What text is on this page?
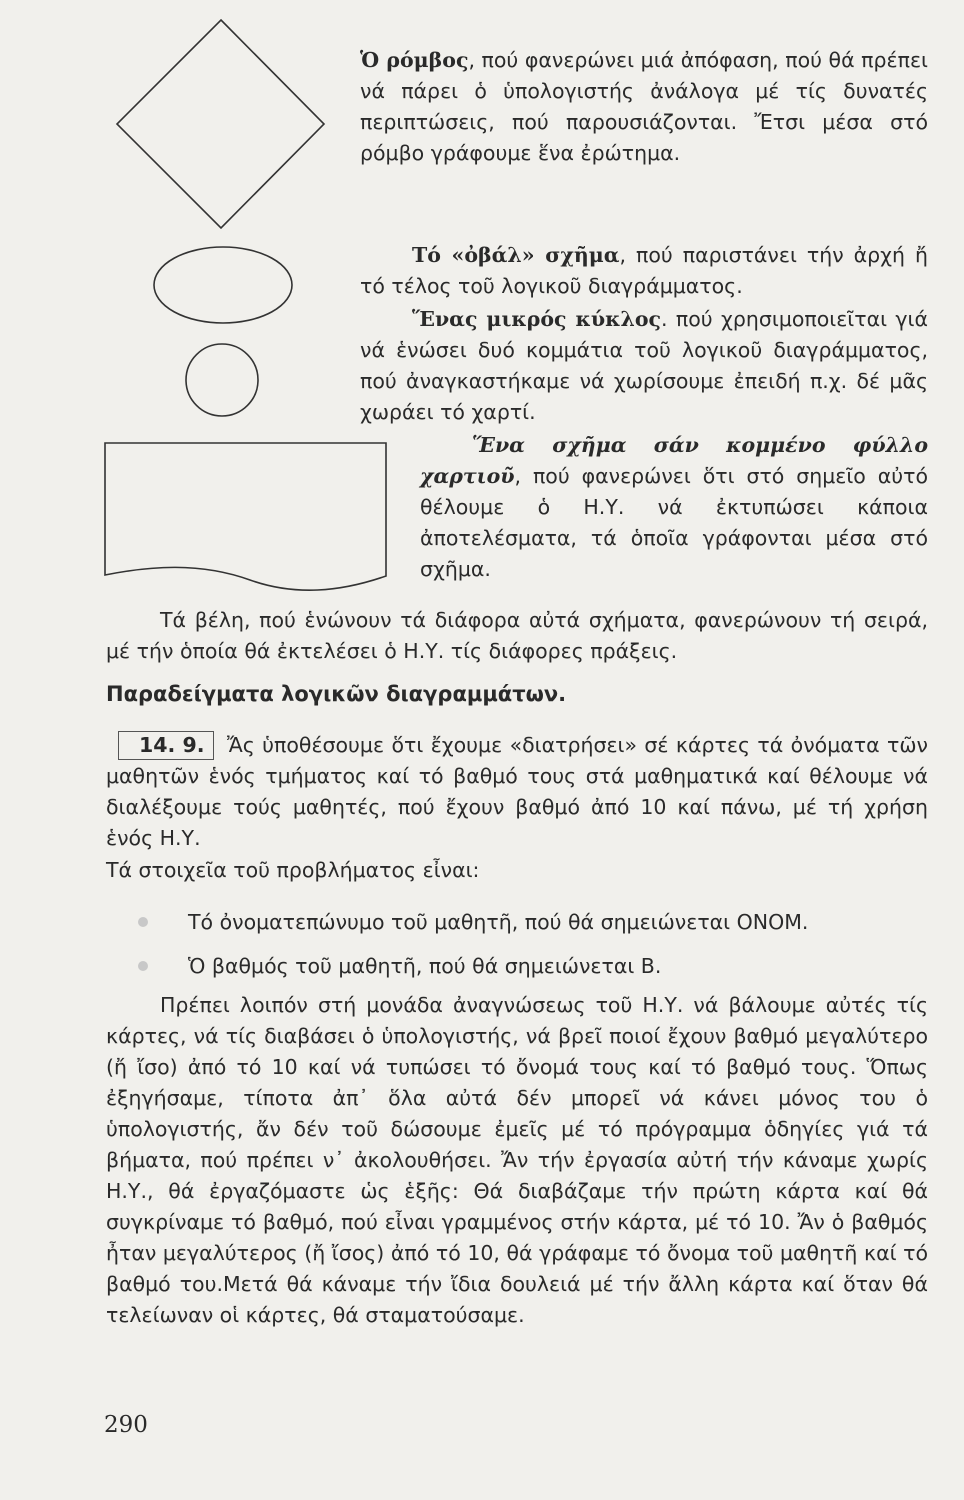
Ὁ ρόμβος, πού φανερώνει μιά ἀπόφαση, πού θά πρέπει νά πάρει ὁ ὑπολογιστής ἀνάλογα μέ τίς δυνατές περιπτώσεις, πού παρουσιάζονται. Ἔτσι μέσα στό ρόμβο γράφουμε ἕνα ἐρώτημα.

Τό «ὀβάλ» σχῆμα, πού παριστάνει τήν ἀρχή ἤ τό τέλος τοῦ λογικοῦ διαγράμματος.

Ἕνας μικρός κύκλος. πού χρησιμοποιεῖται γιά νά ἑνώσει δυό κομμάτια τοῦ λογικοῦ διαγράμματος, πού ἀναγκαστήκαμε νά χωρίσουμε ἐπειδή π.χ. δέ μᾶς χωράει τό χαρτί.

Ἕνα σχῆμα σάν κομμένο φύλλο χαρτιοῦ, πού φανερώνει ὅτι στό σημεῖο αὐτό θέλουμε ὁ Η.Υ. νά ἐκτυπώσει κάποια ἀποτελέσματα, τά ὁποῖα γράφονται μέσα στό σχῆμα.

Τά βέλη, πού ἑνώνουν τά διάφορα αὐτά σχήματα, φανερώνουν τή σειρά, μέ τήν ὁποία θά ἐκτελέσει ὁ Η.Υ. τίς διάφορες πράξεις.

Παραδείγματα λογικῶν διαγραμμάτων.

14. 9. Ἄς ὑποθέσουμε ὅτι ἔχουμε «διατρήσει» σέ κάρτες τά ὀνόματα τῶν μαθητῶν ἑνός τμήματος καί τό βαθμό τους στά μαθηματικά καί θέλουμε νά διαλέξουμε τούς μαθητές, πού ἔχουν βαθμό ἀπό 10 καί πάνω, μέ τή χρήση ἑνός Η.Υ.

Τά στοιχεῖα τοῦ προβλήματος εἶναι:

Τό ὀνοματεπώνυμο τοῦ μαθητῆ, πού θά σημειώνεται ΟΝΟΜ.
Ὁ βαθμός τοῦ μαθητῆ, πού θά σημειώνεται Β.

Πρέπει λοιπόν στή μονάδα ἀναγνώσεως τοῦ Η.Υ. νά βάλουμε αὐτές τίς κάρτες, νά τίς διαβάσει ὁ ὑπολογιστής, νά βρεῖ ποιοί ἔχουν βαθμό μεγαλύτερο (ἤ ἴσο) ἀπό τό 10 καί νά τυπώσει τό ὄνομά τους καί τό βαθμό τους. Ὅπως ἐξηγήσαμε, τίποτα ἀπ᾿ ὅλα αὐτά δέν μπορεῖ νά κάνει μόνος του ὁ ὑπολογιστής, ἄν δέν τοῦ δώσουμε ἐμεῖς μέ τό πρόγραμμα ὁδηγίες γιά τά βήματα, πού πρέπει ν᾿ ἀκολουθήσει. Ἄν τήν ἐργασία αὐτή τήν κάναμε χωρίς Η.Υ., θά ἐργαζόμαστε ὡς ἑξῆς: Θά διαβάζαμε τήν πρώτη κάρτα καί θά συγκρίναμε τό βαθμό, πού εἶναι γραμμένος στήν κάρτα, μέ τό 10. Ἄν ὁ βαθμός ἦταν μεγαλύτερος (ἤ ἴσος) ἀπό τό 10, θά γράφαμε τό ὄνομα τοῦ μαθητῆ καί τό βαθμό του.Μετά θά κάναμε τήν ἴδια δουλειά μέ τήν ἄλλη κάρτα καί ὅταν θά τελείωναν οἱ κάρτες, θά σταματούσαμε.

290
